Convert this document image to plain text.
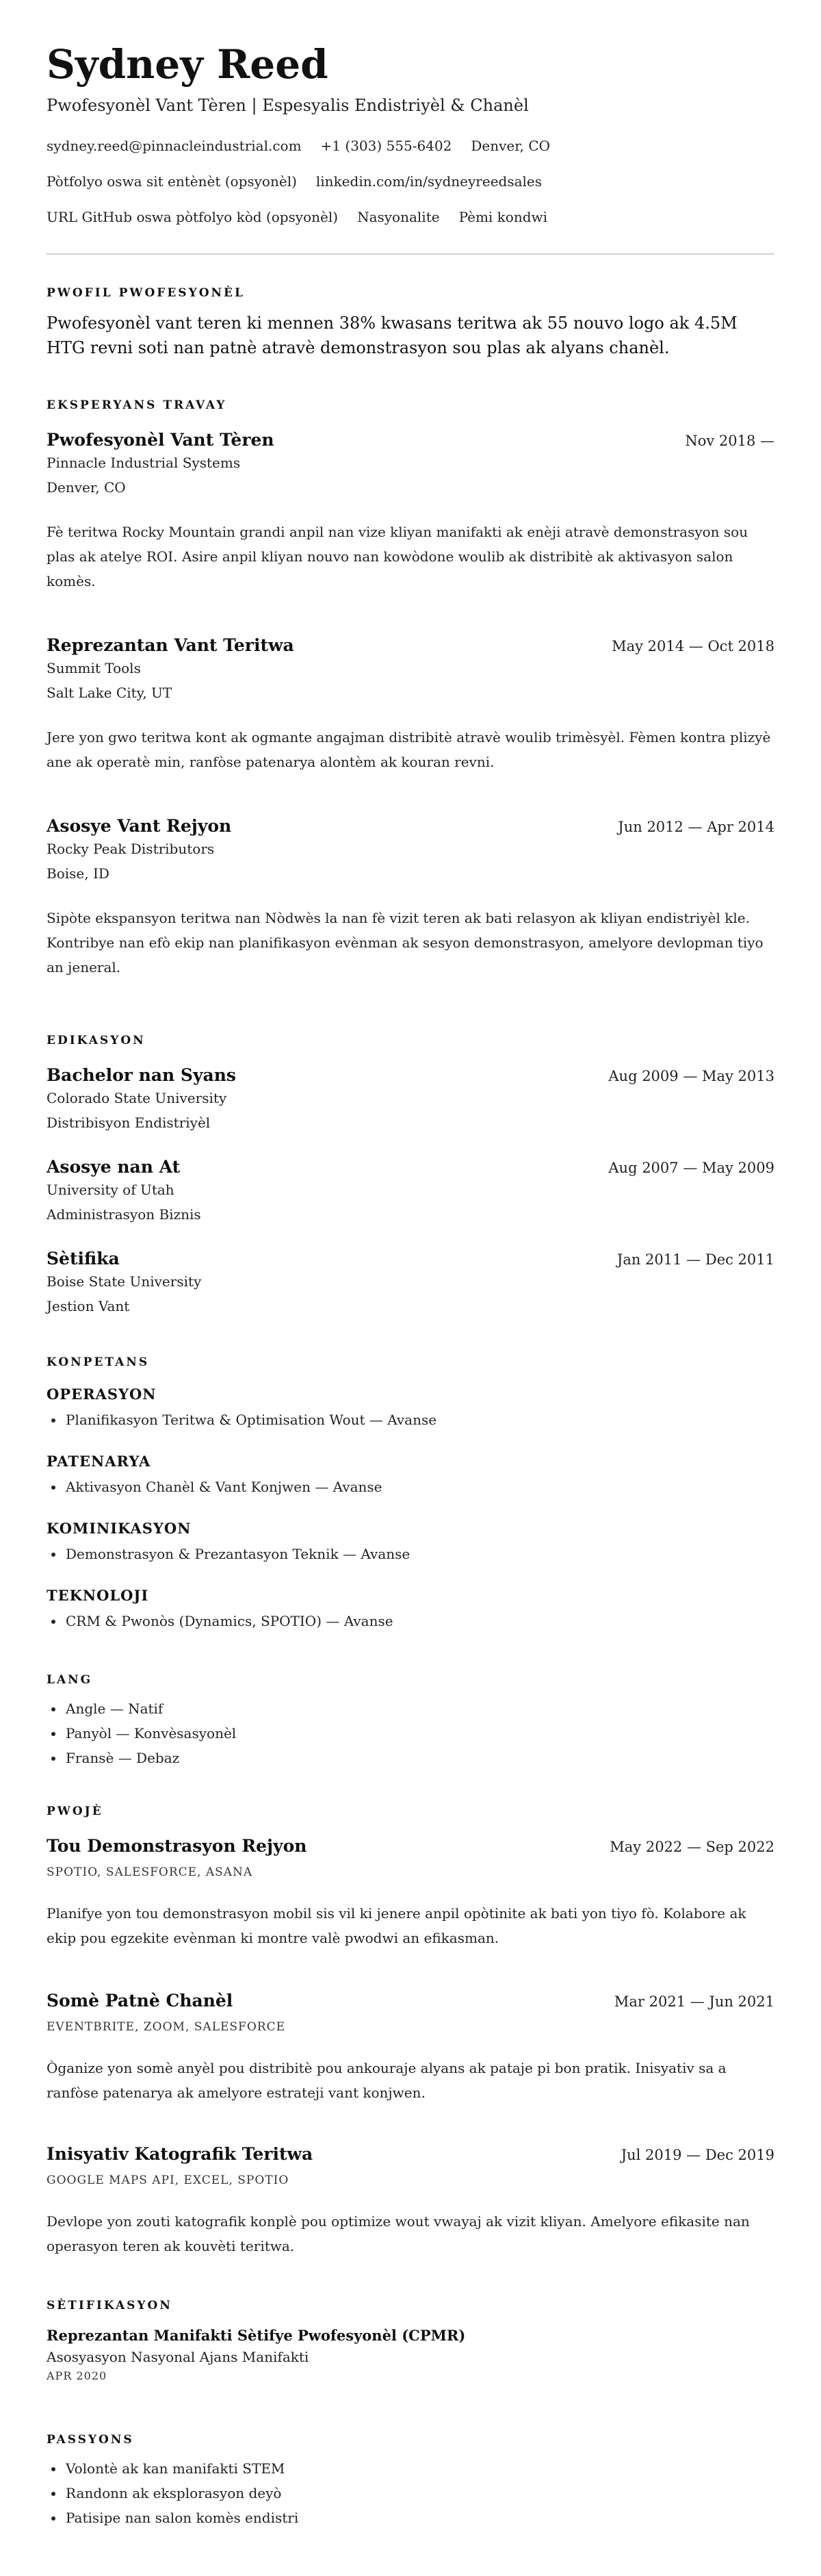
Sydney Reed
Pwofesyonèl Vant Tèren | Espesyalis Endistriyèl & Chanèl
sydney.reed@pinnacleindustrial.com +1 (303) 555-6402 Denver, CO
Pòtfolyo oswa sit entènèt (opsyonèl) linkedin.com/in/sydneyreedsales
URL GitHub oswa pòtfolyo kòd (opsyonèl) Nasyonalite Pèmi kondwi
PWOFIL PWOFESYONÈL
Pwofesyonèl vant teren ki mennen 38% kwasans teritwa ak 55 nouvo logo ak 4.5M HTG revni soti nan patnè atravè demonstrasyon sou plas ak alyans chanèl.
EKSPERYANS TRAVAY
Pwofesyonèl Vant Tèren	Nov 2018 —
Pinnacle Industrial Systems
Denver, CO
Fè teritwa Rocky Mountain grandi anpil nan vize kliyan manifakti ak enèji atravè demonstrasyon sou plas ak atelye ROI. Asire anpil kliyan nouvo nan kowòdone woulib ak distribitè ak aktivasyon salon komès.
Reprezantan Vant Teritwa	May 2014 — Oct 2018
Summit Tools
Salt Lake City, UT
Jere yon gwo teritwa kont ak ogmante angajman distribitè atravè woulib trimèsyèl. Fèmen kontra plizyè ane ak operatè min, ranfòse patenarya alontèm ak kouran revni.
Asosye Vant Rejyon	Jun 2012 — Apr 2014
Rocky Peak Distributors
Boise, ID
Sipòte ekspansyon teritwa nan Nòdwès la nan fè vizit teren ak bati relasyon ak kliyan endistriyèl kle. Kontribye nan efò ekip nan planifikasyon evènman ak sesyon demonstrasyon, amelyore devlopman tiyo an jeneral.
EDIKASYON
Bachelor nan Syans	Aug 2009 — May 2013
Colorado State University
Distribisyon Endistriyèl
Asosye nan At	Aug 2007 — May 2009
University of Utah
Administrasyon Biznis
Sètifika	Jan 2011 — Dec 2011
Boise State University
Jestion Vant
KONPETANS
OPERASYON
• Planifikasyon Teritwa & Optimisation Wout — Avanse
PATENARYA
• Aktivasyon Chanèl & Vant Konjwen — Avanse
KOMINIKASYON
• Demonstrasyon & Prezantasyon Teknik — Avanse
TEKNOLOJI
• CRM & Pwonòs (Dynamics, SPOTIO) — Avanse
LANG
• Angle — Natif
• Panyòl — Konvèsasyonèl
• Fransè — Debaz
PWOJÈ
Tou Demonstrasyon Rejyon	May 2022 — Sep 2022
SPOTIO, SALESFORCE, ASANA
Planifye yon tou demonstrasyon mobil sis vil ki jenere anpil opòtinite ak bati yon tiyo fò. Kolabore ak ekip pou egzekite evènman ki montre valè pwodwi an efikasman.
Somè Patnè Chanèl	Mar 2021 — Jun 2021
EVENTBRITE, ZOOM, SALESFORCE
Òganize yon somè anyèl pou distribitè pou ankouraje alyans ak pataje pi bon pratik. Inisyativ sa a ranfòse patenarya ak amelyore estrateji vant konjwen.
Inisyativ Katografik Teritwa	Jul 2019 — Dec 2019
GOOGLE MAPS API, EXCEL, SPOTIO
Devlope yon zouti katografik konplè pou optimize wout vwayaj ak vizit kliyan. Amelyore efikasite nan operasyon teren ak kouvèti teritwa.
SÈTIFIKASYON
Reprezantan Manifakti Sètifye Pwofesyonèl (CPMR)
Asosyasyon Nasyonal Ajans Manifakti
APR 2020
PASSYONS
• Volontè ak kan manifakti STEM
• Randonn ak eksplorasyon deyò
• Patisipe nan salon komès endistri
